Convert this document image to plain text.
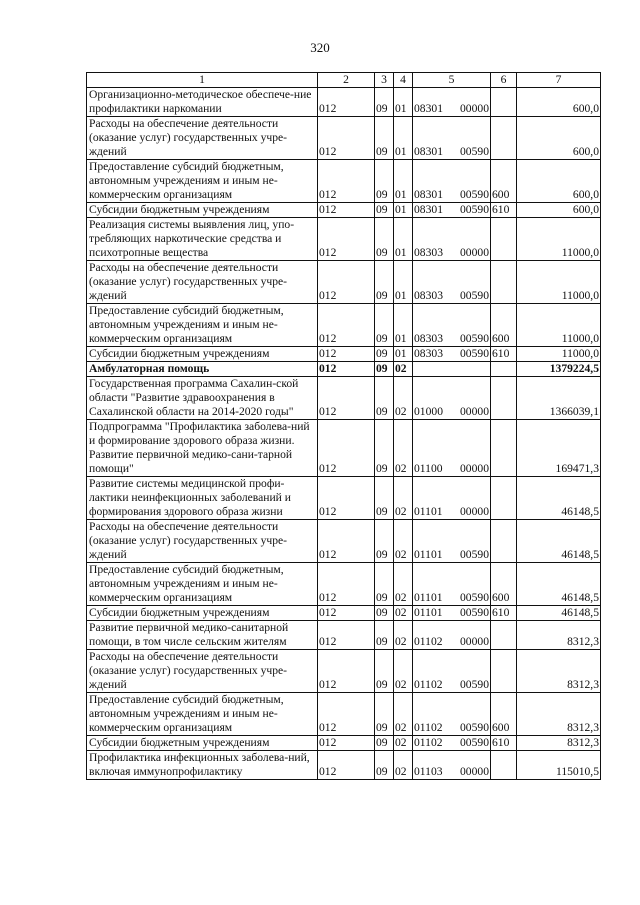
320
1	2	3	4	5	6	7
Организационно-методическое обеспече-ние профилактики наркомании	012	09	01	08301 00000		600,0
Расходы на обеспечение деятельности (оказание услуг) государственных учре-ждений	012	09	01	08301 00590		600,0
Предоставление субсидий бюджетным, автономным учреждениям и иным не-коммерческим организациям	012	09	01	08301 00590	600	600,0
Субсидии бюджетным учреждениям	012	09	01	08301 00590	610	600,0
Реализация системы выявления лиц, упо-требляющих наркотические средства и психотропные вещества	012	09	01	08303 00000		11000,0
Расходы на обеспечение деятельности (оказание услуг) государственных учре-ждений	012	09	01	08303 00590		11000,0
Предоставление субсидий бюджетным, автономным учреждениям и иным не-коммерческим организациям	012	09	01	08303 00590	600	11000,0
Субсидии бюджетным учреждениям	012	09	01	08303 00590	610	11000,0
Амбулаторная помощь	012	09	02			1379224,5
Государственная программа Сахалин-ской области "Развитие здравоохранения в Сахалинской области на 2014-2020 годы"	012	09	02	01000 00000		1366039,1
Подпрограмма "Профилактика заболева-ний и формирование здорового образа жизни. Развитие первичной медико-сани-тарной помощи"	012	09	02	01100 00000		169471,3
Развитие системы медицинской профи-лактики неинфекционных заболеваний и формирования здорового образа жизни	012	09	02	01101 00000		46148,5
Расходы на обеспечение деятельности (оказание услуг) государственных учре-ждений	012	09	02	01101 00590		46148,5
Предоставление субсидий бюджетным, автономным учреждениям и иным не-коммерческим организациям	012	09	02	01101 00590	600	46148,5
Субсидии бюджетным учреждениям	012	09	02	01101 00590	610	46148,5
Развитие первичной медико-санитарной помощи, в том числе сельским жителям	012	09	02	01102 00000		8312,3
Расходы на обеспечение деятельности (оказание услуг) государственных учре-ждений	012	09	02	01102 00590		8312,3
Предоставление субсидий бюджетным, автономным учреждениям и иным не-коммерческим организациям	012	09	02	01102 00590	600	8312,3
Субсидии бюджетным учреждениям	012	09	02	01102 00590	610	8312,3
Профилактика инфекционных заболева-ний, включая иммунопрофилактику	012	09	02	01103 00000		115010,5
